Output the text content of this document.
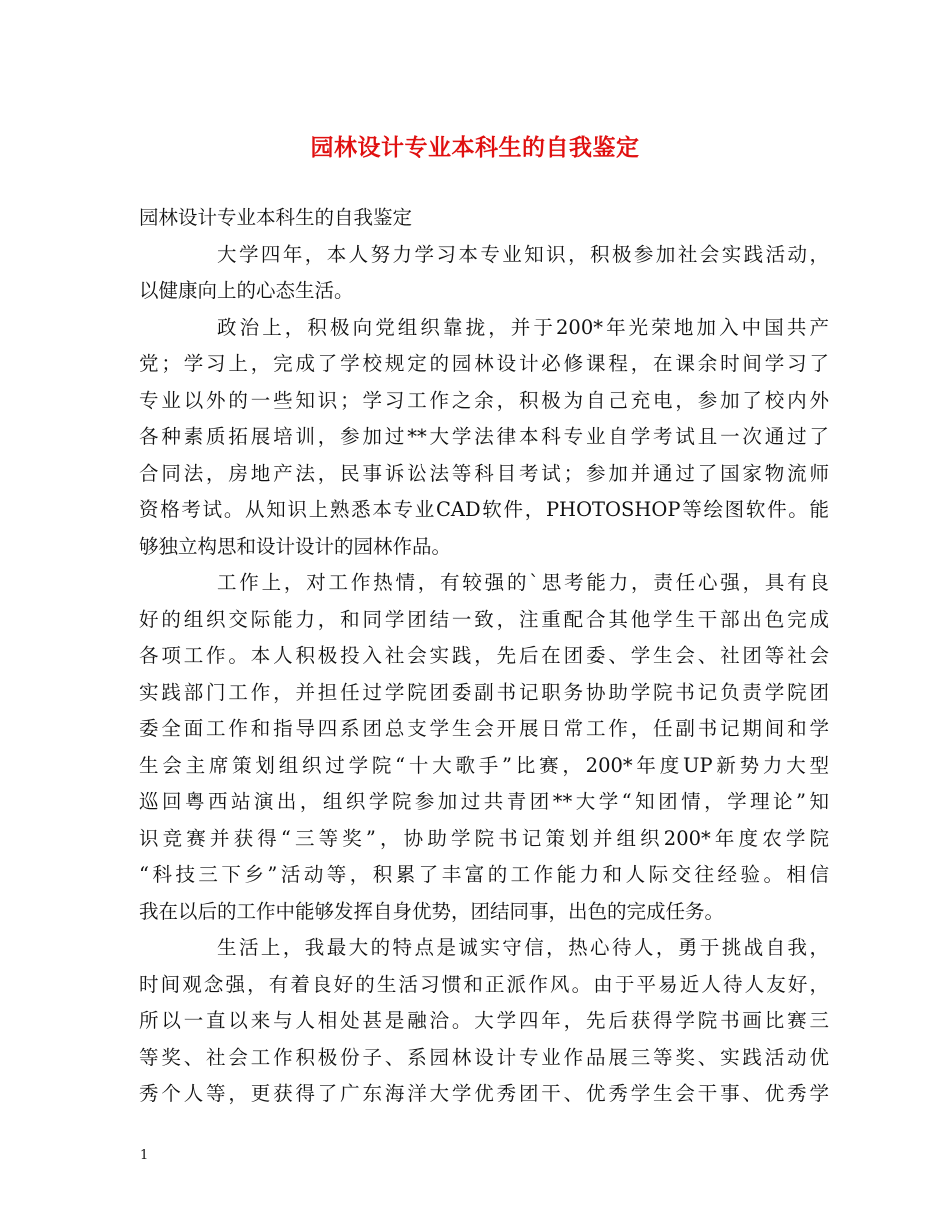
园林设计专业本科生的自我鉴定

园林设计专业本科生的自我鉴定

大学四年，本人努力学习本专业知识，积极参加社会实践活动，
以健康向上的心态生活。

政治上，积极向党组织靠拢，并于200*年光荣地加入中国共产
党；学习上，完成了学校规定的园林设计必修课程，在课余时间学习了
专业以外的一些知识；学习工作之余，积极为自己充电，参加了校内外
各种素质拓展培训，参加过**大学法律本科专业自学考试且一次通过了
合同法，房地产法，民事诉讼法等科目考试；参加并通过了国家物流师
资格考试。从知识上熟悉本专业CAD软件，PHOTOSHOP等绘图软件。能
够独立构思和设计设计的园林作品。

工作上，对工作热情，有较强的`思考能力，责任心强，具有良
好的组织交际能力，和同学团结一致，注重配合其他学生干部出色完成
各项工作。本人积极投入社会实践，先后在团委、学生会、社团等社会
实践部门工作，并担任过学院团委副书记职务协助学院书记负责学院团
委全面工作和指导四系团总支学生会开展日常工作，任副书记期间和学
生会主席策划组织过学院“十大歌手”比赛，200*年度UP新势力大型
巡回粤西站演出，组织学院参加过共青团**大学“知团情，学理论”知
识竞赛并获得“三等奖”，协助学院书记策划并组织200*年度农学院
“科技三下乡”活动等，积累了丰富的工作能力和人际交往经验。相信
我在以后的工作中能够发挥自身优势，团结同事，出色的完成任务。

生活上，我最大的特点是诚实守信，热心待人，勇于挑战自我，
时间观念强，有着良好的生活习惯和正派作风。由于平易近人待人友好，
所以一直以来与人相处甚是融洽。大学四年，先后获得学院书画比赛三
等奖、社会工作积极份子、系园林设计专业作品展三等奖、实践活动优
秀个人等，更获得了广东海洋大学优秀团干、优秀学生会干事、优秀学

1
